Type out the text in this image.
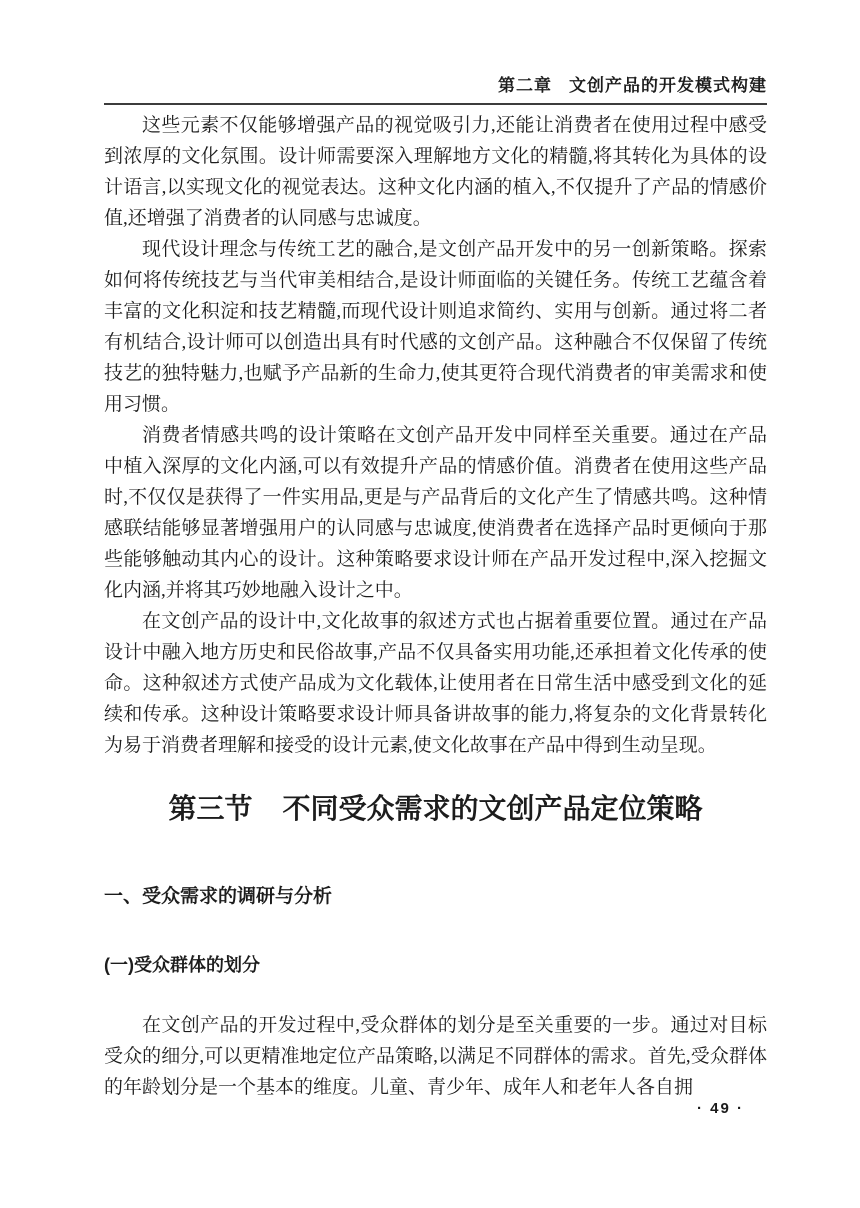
第二章 文创产品的开发模式构建

这些元素不仅能够增强产品的视觉吸引力,还能让消费者在使用过程中感受到浓厚的文化氛围。设计师需要深入理解地方文化的精髓,将其转化为具体的设计语言,以实现文化的视觉表达。这种文化内涵的植入,不仅提升了产品的情感价值,还增强了消费者的认同感与忠诚度。

现代设计理念与传统工艺的融合,是文创产品开发中的另一创新策略。探索如何将传统技艺与当代审美相结合,是设计师面临的关键任务。传统工艺蕴含着丰富的文化积淀和技艺精髓,而现代设计则追求简约、实用与创新。通过将二者有机结合,设计师可以创造出具有时代感的文创产品。这种融合不仅保留了传统技艺的独特魅力,也赋予产品新的生命力,使其更符合现代消费者的审美需求和使用习惯。

消费者情感共鸣的设计策略在文创产品开发中同样至关重要。通过在产品中植入深厚的文化内涵,可以有效提升产品的情感价值。消费者在使用这些产品时,不仅仅是获得了一件实用品,更是与产品背后的文化产生了情感共鸣。这种情感联结能够显著增强用户的认同感与忠诚度,使消费者在选择产品时更倾向于那些能够触动其内心的设计。这种策略要求设计师在产品开发过程中,深入挖掘文化内涵,并将其巧妙地融入设计之中。

在文创产品的设计中,文化故事的叙述方式也占据着重要位置。通过在产品设计中融入地方历史和民俗故事,产品不仅具备实用功能,还承担着文化传承的使命。这种叙述方式使产品成为文化载体,让使用者在日常生活中感受到文化的延续和传承。这种设计策略要求设计师具备讲故事的能力,将复杂的文化背景转化为易于消费者理解和接受的设计元素,使文化故事在产品中得到生动呈现。

第三节 不同受众需求的文创产品定位策略
一、受众需求的调研与分析
(一)受众群体的划分

在文创产品的开发过程中,受众群体的划分是至关重要的一步。通过对目标受众的细分,可以更精准地定位产品策略,以满足不同群体的需求。首先,受众群体的年龄划分是一个基本的维度。儿童、青少年、成年人和老年人各自拥

· 49 ·
